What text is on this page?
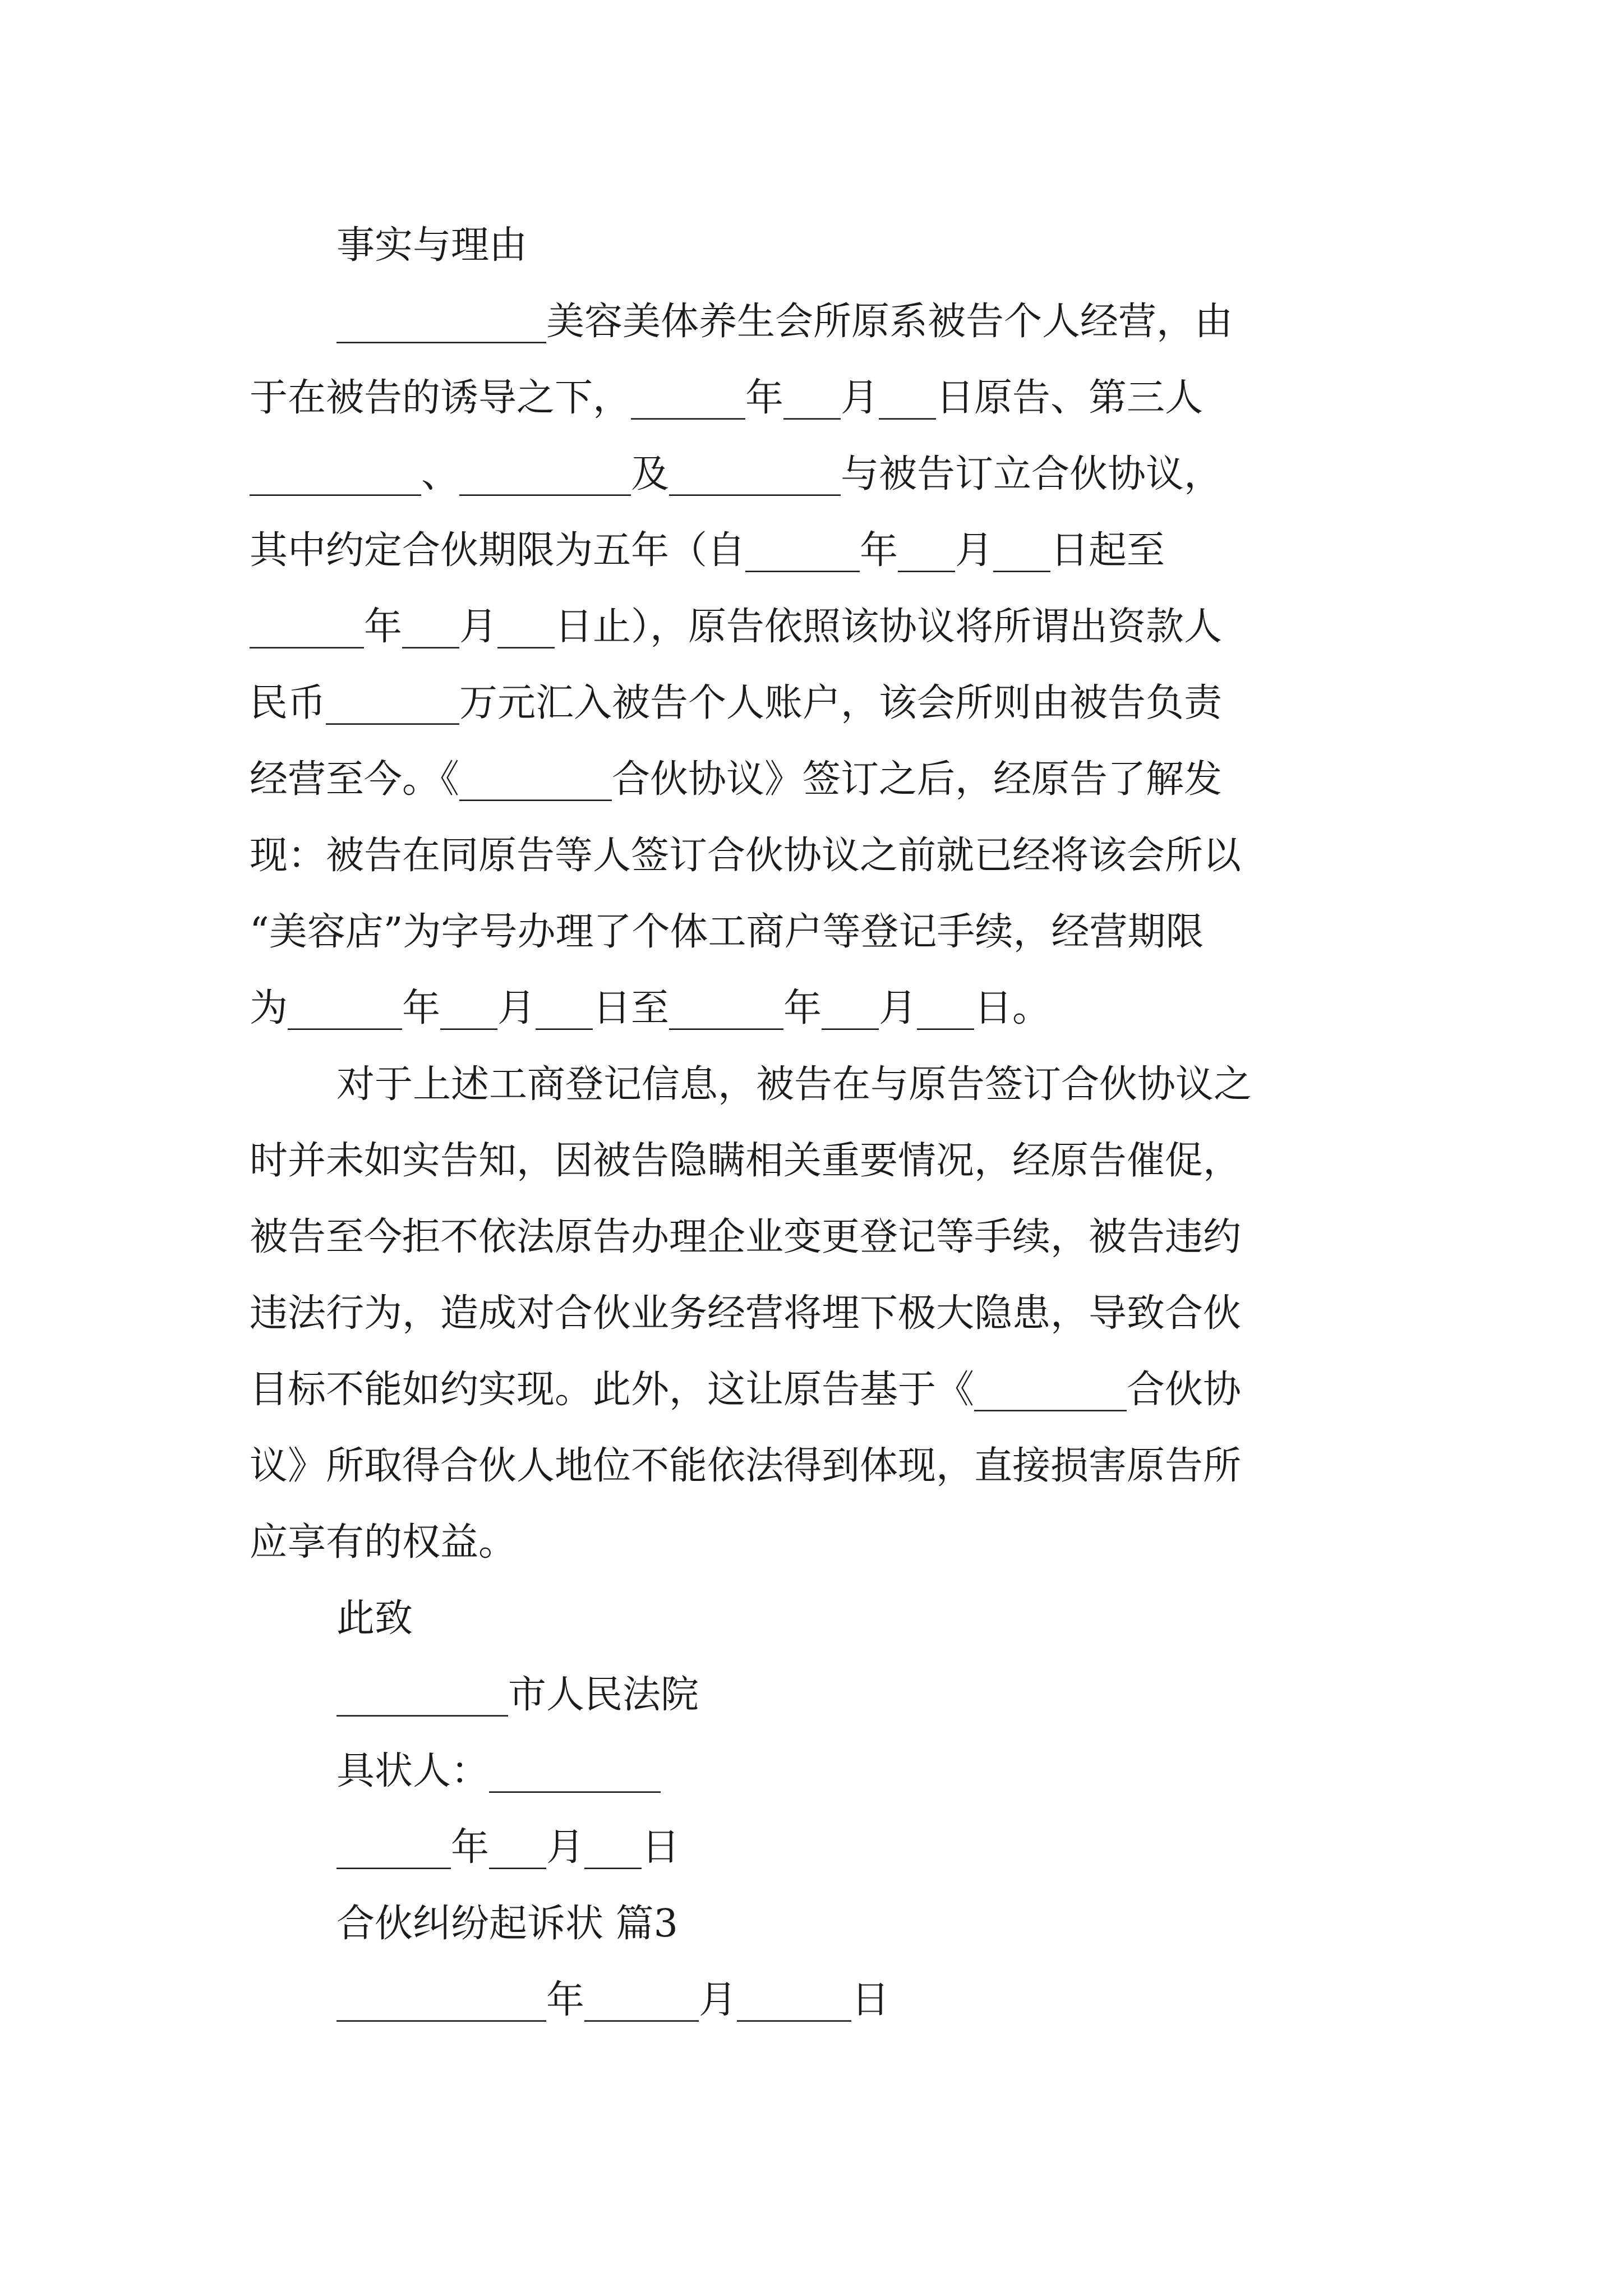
事实与理由

___________美容美体养生会所原系被告个人经营，由

于在被告的诱导之下，______年___月___日原告、第三人

_________、_________及_________与被告订立合伙协议，

其中约定合伙期限为五年（自______年___月___日起至

______年___月___日止），原告依照该协议将所谓出资款人

民币_______万元汇入被告个人账户，该会所则由被告负责

经营至今。《________合伙协议》签订之后，经原告了解发

现：被告在同原告等人签订合伙协议之前就已经将该会所以

“美容店”为字号办理了个体工商户等登记手续，经营期限

为______年___月___日至______年___月___日。

对于上述工商登记信息，被告在与原告签订合伙协议之

时并未如实告知，因被告隐瞒相关重要情况，经原告催促，

被告至今拒不依法原告办理企业变更登记等手续，被告违约

违法行为，造成对合伙业务经营将埋下极大隐患，导致合伙

目标不能如约实现。此外，这让原告基于《________合伙协

议》所取得合伙人地位不能依法得到体现，直接损害原告所

应享有的权益。

此致

_________市人民法院

具状人：_________

______年___月___日

合伙纠纷起诉状 篇3

___________年______月______日
